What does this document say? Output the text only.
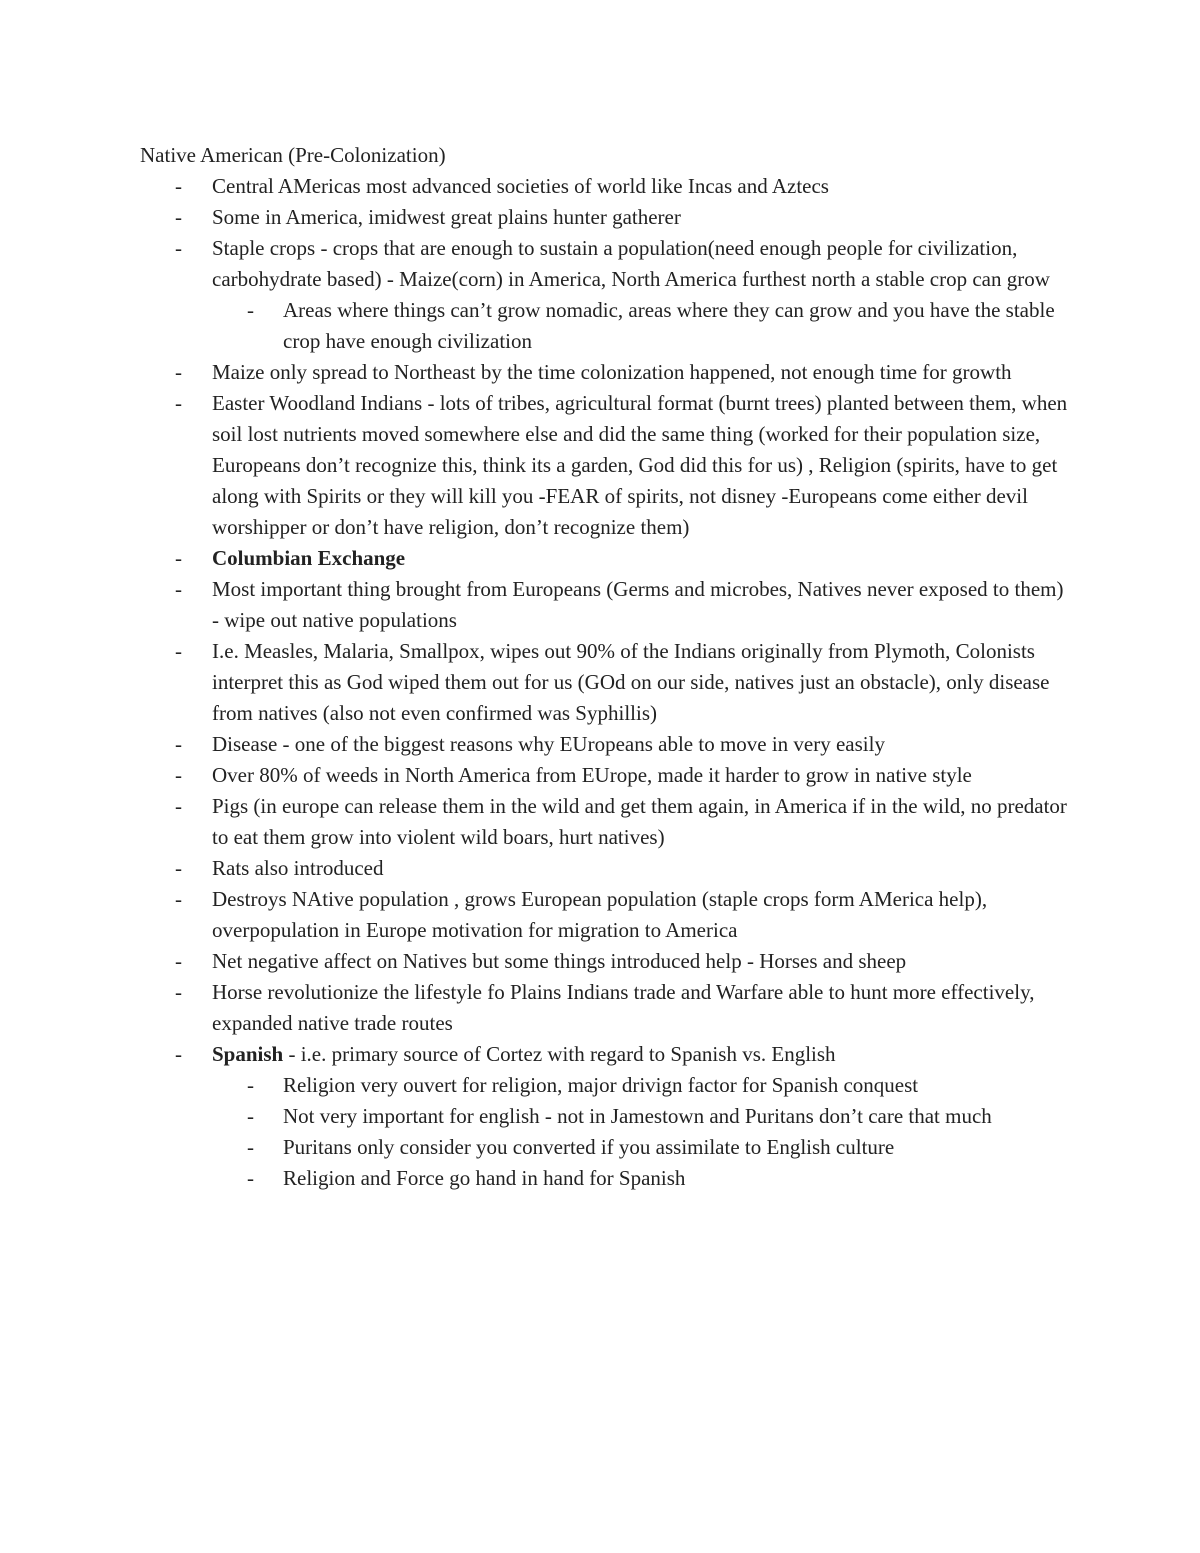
Native American (Pre-Colonization)
- Central AMericas most advanced societies of world like Incas and Aztecs
- Some in America, imidwest great plains hunter gatherer
- Staple crops - crops that are enough to sustain a population(need enough people for civilization, carbohydrate based) - Maize(corn) in America, North America furthest north a stable crop can grow
- Areas where things can’t grow nomadic, areas where they can grow and you have the stable crop have enough civilization
- Maize only spread to Northeast by the time colonization happened, not enough time for growth
- Easter Woodland Indians - lots of tribes, agricultural format (burnt trees) planted between them, when soil lost nutrients moved somewhere else and did the same thing (worked for their population size, Europeans don’t recognize this, think its a garden, God did this for us) , Religion (spirits, have to get along with Spirits or they will kill you -FEAR of spirits, not disney -Europeans come either devil worshipper or don’t have religion, don’t recognize them)
- Columbian Exchange
- Most important thing brought from Europeans (Germs and microbes, Natives never exposed to them) - wipe out native populations
- I.e. Measles, Malaria, Smallpox, wipes out 90% of the Indians originally from Plymoth, Colonists interpret this as God wiped them out for us (GOd on our side, natives just an obstacle), only disease from natives (also not even confirmed was Syphillis)
- Disease - one of the biggest reasons why EUropeans able to move in very easily
- Over 80% of weeds in North America from EUrope, made it harder to grow in native style
- Pigs (in europe can release them in the wild and get them again, in America if in the wild, no predator to eat them grow into violent wild boars, hurt natives)
- Rats also introduced
- Destroys NAtive population , grows European population (staple crops form AMerica help), overpopulation in Europe motivation for migration to America
- Net negative affect on Natives but some things introduced help - Horses and sheep
- Horse revolutionize the lifestyle fo Plains Indians trade and Warfare able to hunt more effectively, expanded native trade routes
- Spanish - i.e. primary source of Cortez with regard to Spanish vs. English
- Religion very ouvert for religion, major drivign factor for Spanish conquest
- Not very important for english - not in Jamestown and Puritans don’t care that much
- Puritans only consider you converted if you assimilate to English culture
- Religion and Force go hand in hand for Spanish
